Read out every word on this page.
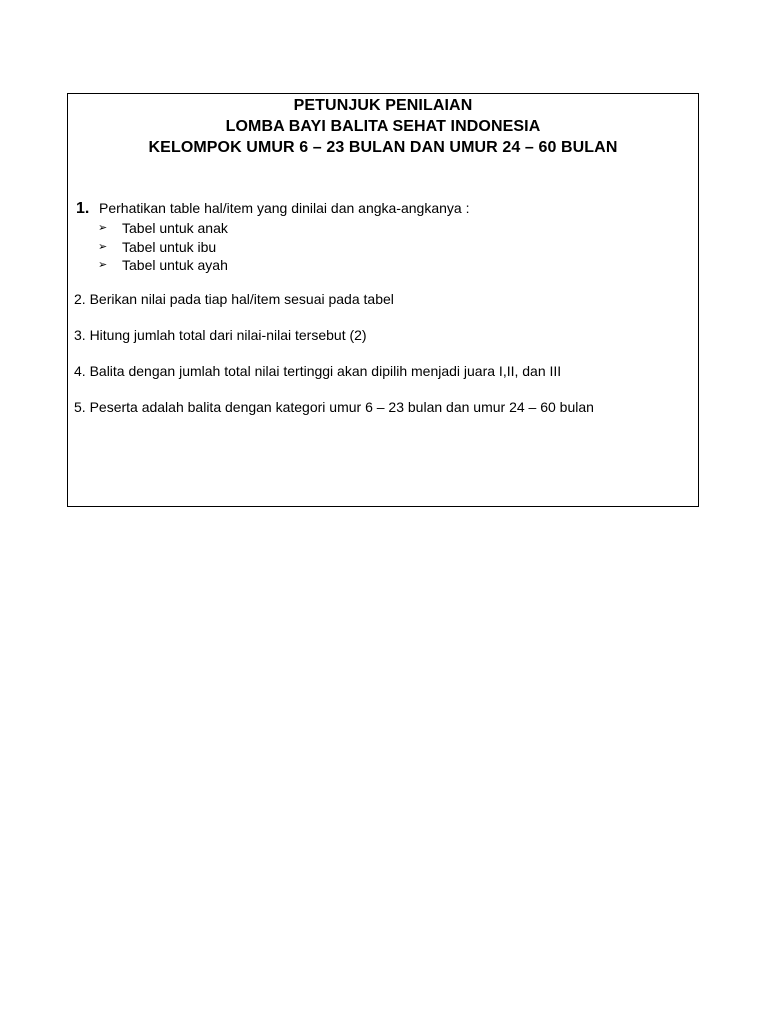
PETUNJUK PENILAIAN

LOMBA BAYI BALITA SEHAT INDONESIA

KELOMPOK UMUR 6 – 23 BULAN DAN UMUR 24 – 60 BULAN

1. Perhatikan table hal/item yang dinilai dan angka-angkanya :
➢	Tabel untuk anak
➢	Tabel untuk ibu
➢	Tabel untuk ayah

2. Berikan nilai pada tiap hal/item sesuai pada tabel

3. Hitung jumlah total dari nilai-nilai tersebut (2)

4. Balita dengan jumlah total nilai tertinggi akan dipilih menjadi juara I,II, dan III

5. Peserta adalah balita dengan kategori umur 6 – 23 bulan dan umur 24 – 60 bulan
